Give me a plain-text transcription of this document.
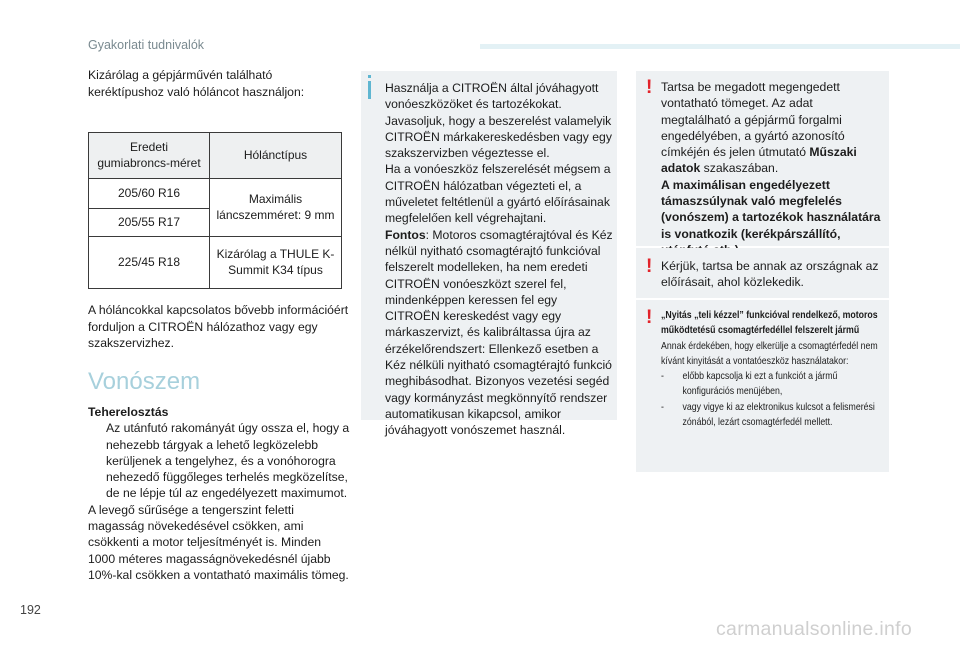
Gyakorlati tudnivalók

Kizárólag a gépjárművén található keréktípushoz való hóláncot használjon:

Eredeti gumiabroncs-méret	Hólánctípus
205/60 R16	Maximális láncszemméret: 9 mm
205/55 R17	
225/45 R18	Kizárólag a THULE K-Summit K34 típus

A hóláncokkal kapcsolatos bővebb információért forduljon a CITROËN hálózathoz vagy egy szakszervizhez.

Vonószem

Teherelosztás

Az utánfutó rakományát úgy ossza el, hogy a nehezebb tárgyak a lehető legközelebb kerüljenek a tengelyhez, és a vonóhorogra nehezedő függőleges terhelés megközelítse, de ne lépje túl az engedélyezett maximumot.

A levegő sűrűsége a tengerszint feletti magasság növekedésével csökken, ami csökkenti a motor teljesítményét is. Minden 1000 méteres magasságnövekedésnél újabb 10%-kal csökken a vontatható maximális tömeg.

Használja a CITROËN által jóváhagyott vonóeszközöket és tartozékokat. Javasoljuk, hogy a beszerelést valamelyik CITROËN márkakereskedésben vagy egy szakszervizben végeztesse el.

Ha a vonóeszköz felszerelését mégsem a CITROËN hálózatban végezteti el, a műveletet feltétlenül a gyártó előírásainak megfelelően kell végrehajtani.

Fontos: Motoros csomagtérajtóval és Kéz nélkül nyitható csomagtérajtó funkcióval felszerelt modelleken, ha nem eredeti CITROËN vonóeszközt szerel fel, mindenképpen keressen fel egy CITROËN kereskedést vagy egy márkaszervizt, és kalibráltassa újra az érzékelőrendszert: Ellenkező esetben a Kéz nélküli nyitható csomagtérajtó funkció meghibásodhat. Bizonyos vezetési segéd vagy kormányzást megkönnyítő rendszer automatikusan kikapcsol, amikor jóváhagyott vonószemet használ.

! Tartsa be megadott megengedett vontatható tömeget. Az adat megtalálható a gépjármű forgalmi engedélyében, a gyártó azonosító címkéjén és jelen útmutató Műszaki adatok szakaszában.

A maximálisan engedélyezett támaszsúlynak való megfelelés (vonószem) a tartozékok használatára is vonatkozik (kerékpárszállító,

! Kérjük, tartsa be annak az országnak az előírásait, ahol közlekedik.

! „Nyitás „teli kézzel” funkcióval rendelkező, motoros működtetésű csomagtérfedéllel felszerelt jármű

Annak érdekében, hogy elkerülje a csomagtérfedél nem kívánt kinyitását a vontatóeszköz használatakor:

- előbb kapcsolja ki ezt a funkciót a jármű konfigurációs menüjében,

- vagy vigye ki az elektronikus kulcsot a felismerési zónából, lezárt csomagtérfedél mellett.

192
carmanualsonline.info
